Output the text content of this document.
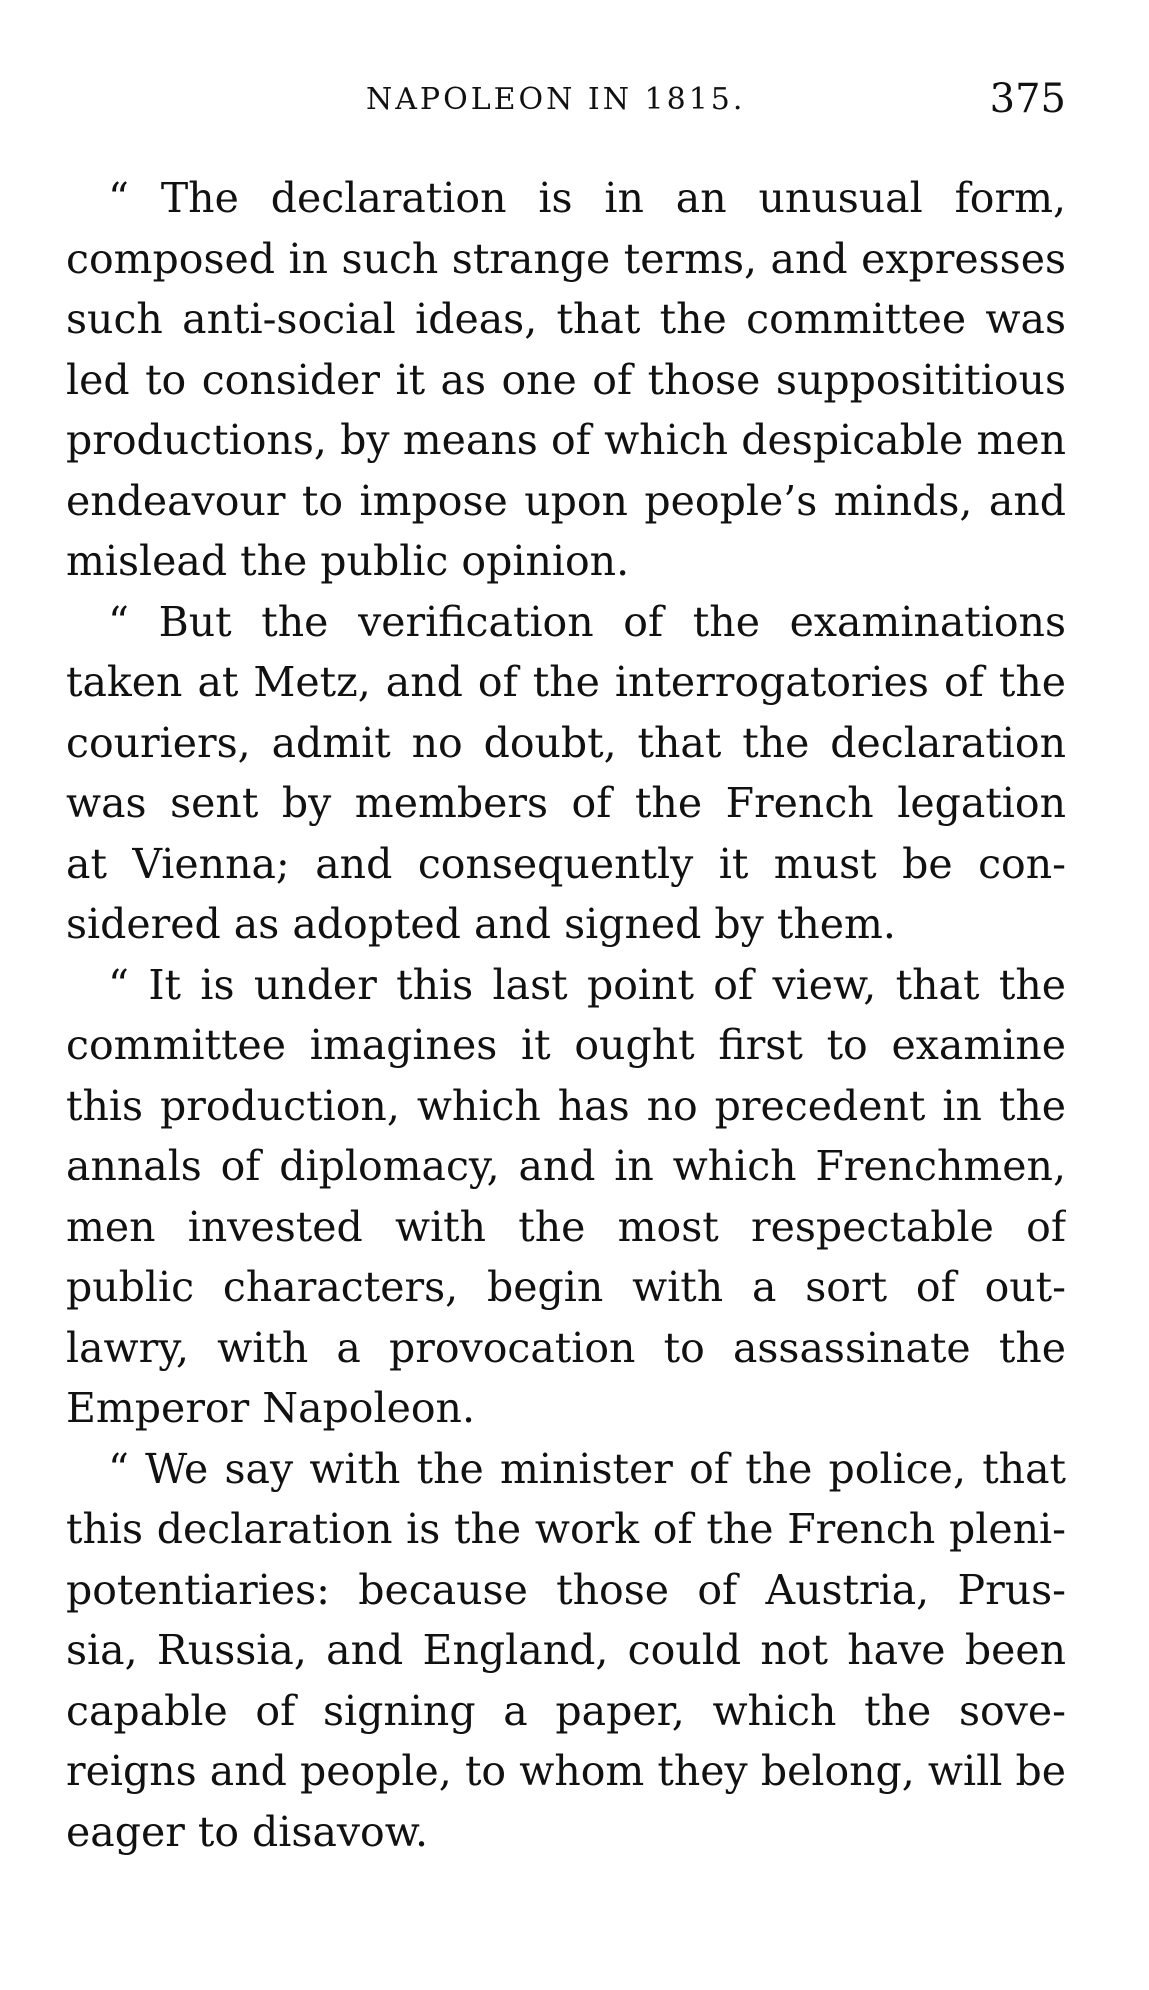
NAPOLEON IN 1815.	375
“ The declaration is in an unusual form,
composed in such strange terms, and expresses
such anti-social ideas, that the committee was
led to consider it as one of those supposititious
productions, by means of which despicable men
endeavour to impose upon people’s minds, and
mislead the public opinion.
“ But the verification of the examinations
taken at Metz, and of the interrogatories of the
couriers, admit no doubt, that the declaration
was sent by members of the French legation
at Vienna; and consequently it must be con-
sidered as adopted and signed by them.
“ It is under this last point of view, that the
committee imagines it ought first to examine
this production, which has no precedent in the
annals of diplomacy, and in which Frenchmen,
men invested with the most respectable of
public characters, begin with a sort of out-
lawry, with a provocation to assassinate the
Emperor Napoleon.
“ We say with the minister of the police, that
this declaration is the work of the French pleni-
potentiaries: because those of Austria, Prus-
sia, Russia, and England, could not have been
capable of signing a paper, which the sove-
reigns and people, to whom they belong, will be
eager to disavow.
